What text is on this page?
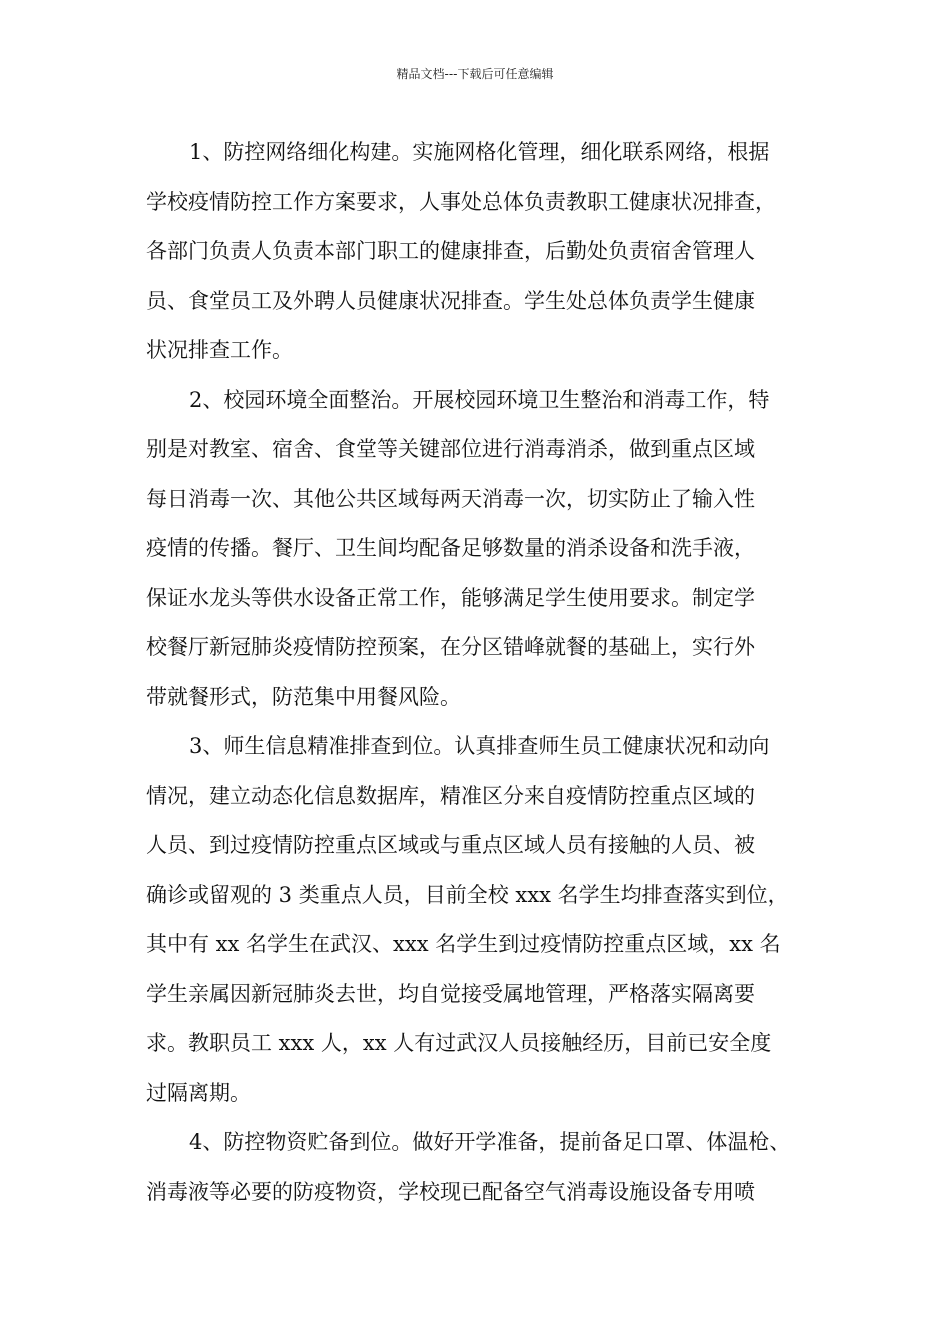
精品文档---下载后可任意编辑
1、防控网络细化构建。实施网格化管理，细化联系网络，根据
学校疫情防控工作方案要求，人事处总体负责教职工健康状况排查，
各部门负责人负责本部门职工的健康排查，后勤处负责宿舍管理人
员、食堂员工及外聘人员健康状况排查。学生处总体负责学生健康
状况排查工作。
2、校园环境全面整治。开展校园环境卫生整治和消毒工作，特
别是对教室、宿舍、食堂等关键部位进行消毒消杀，做到重点区域
每日消毒一次、其他公共区域每两天消毒一次，切实防止了输入性
疫情的传播。餐厅、卫生间均配备足够数量的消杀设备和洗手液，
保证水龙头等供水设备正常工作，能够满足学生使用要求。制定学
校餐厅新冠肺炎疫情防控预案，在分区错峰就餐的基础上，实行外
带就餐形式，防范集中用餐风险。
3、师生信息精准排查到位。认真排查师生员工健康状况和动向
情况，建立动态化信息数据库，精准区分来自疫情防控重点区域的
人员、到过疫情防控重点区域或与重点区域人员有接触的人员、被
确诊或留观的 3 类重点人员，目前全校 xxx 名学生均排查落实到位，
其中有 xx 名学生在武汉、xxx 名学生到过疫情防控重点区域，xx 名
学生亲属因新冠肺炎去世，均自觉接受属地管理，严格落实隔离要
求。教职员工 xxx 人，xx 人有过武汉人员接触经历，目前已安全度
过隔离期。
4、防控物资贮备到位。做好开学准备，提前备足口罩、体温枪、
消毒液等必要的防疫物资，学校现已配备空气消毒设施设备专用喷
